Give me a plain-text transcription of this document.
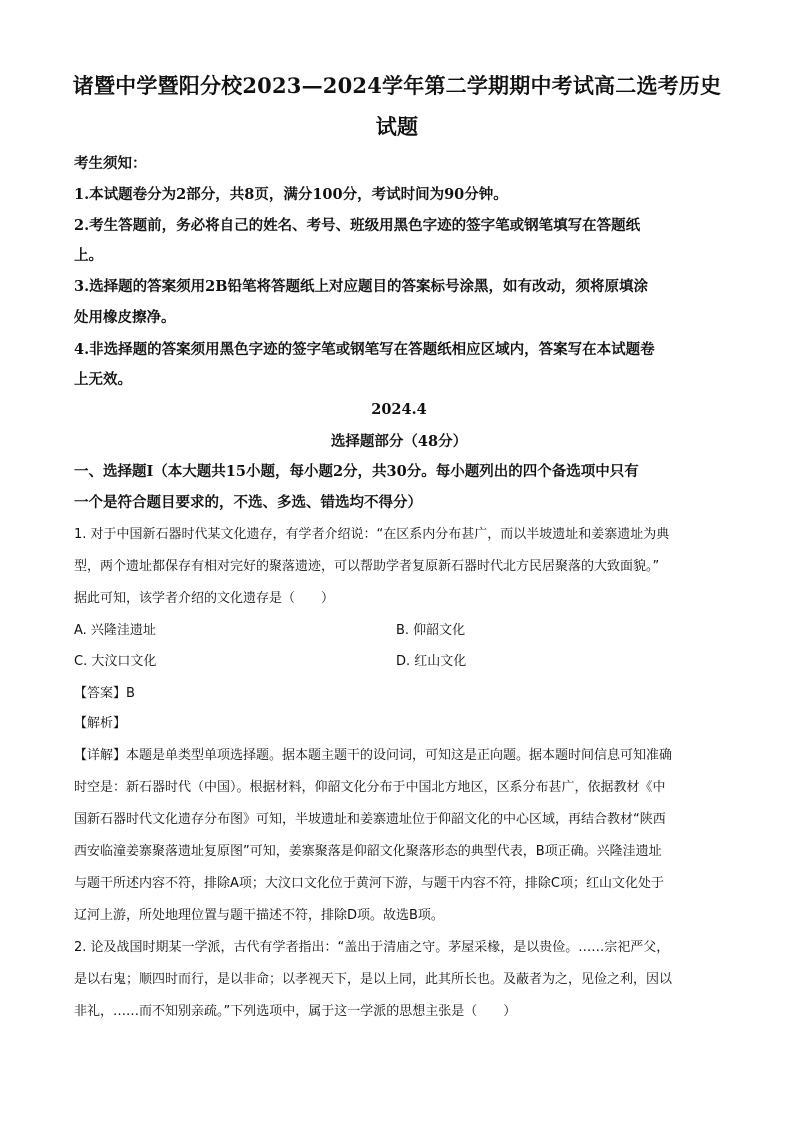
诸暨中学暨阳分校2023—2024学年第二学期期中考试高二选考历史
试题
考生须知：
1.本试题卷分为2部分，共8页，满分100分，考试时间为90分钟。
2.考生答题前，务必将自己的姓名、考号、班级用黑色字迹的签字笔或钢笔填写在答题纸
上。
3.选择题的答案须用2B铅笔将答题纸上对应题目的答案标号涂黑，如有改动，须将原填涂
处用橡皮擦净。
4.非选择题的答案须用黑色字迹的签字笔或钢笔写在答题纸相应区域内，答案写在本试题卷
上无效。
2024.4
选择题部分（48分）
一、选择题Ⅰ（本大题共15小题，每小题2分，共30分。每小题列出的四个备选项中只有
一个是符合题目要求的，不选、多选、错选均不得分）
1. 对于中国新石器时代某文化遗存，有学者介绍说：“在区系内分布甚广，而以半坡遗址和姜寨遗址为典
型，两个遗址都保存有相对完好的聚落遗迹，可以帮助学者复原新石器时代北方民居聚落的大致面貌。”
据此可知，该学者介绍的文化遗存是（　　）
A. 兴隆洼遗址	B. 仰韶文化
C. 大汶口文化	D. 红山文化
【答案】B
【解析】
【详解】本题是单类型单项选择题。据本题主题干的设问词，可知这是正向题。据本题时间信息可知准确
时空是：新石器时代（中国）。根据材料，仰韶文化分布于中国北方地区，区系分布甚广，依据教材《中
国新石器时代文化遗存分布图》可知，半坡遗址和姜寨遗址位于仰韶文化的中心区域，再结合教材“陕西
西安临潼姜寨聚落遗址复原图”可知，姜寨聚落是仰韶文化聚落形态的典型代表，B项正确。兴隆洼遗址
与题干所述内容不符，排除A项；大汶口文化位于黄河下游，与题干内容不符，排除C项；红山文化处于
辽河上游，所处地理位置与题干描述不符，排除D项。故选B项。
2. 论及战国时期某一学派，古代有学者指出：“盖出于清庙之守。茅屋采椽，是以贵俭。……宗祀严父，
是以右鬼；顺四时而行，是以非命；以孝视天下，是以上同，此其所长也。及蔽者为之，见俭之利，因以
非礼，……而不知别亲疏。”下列选项中，属于这一学派的思想主张是（　　）
